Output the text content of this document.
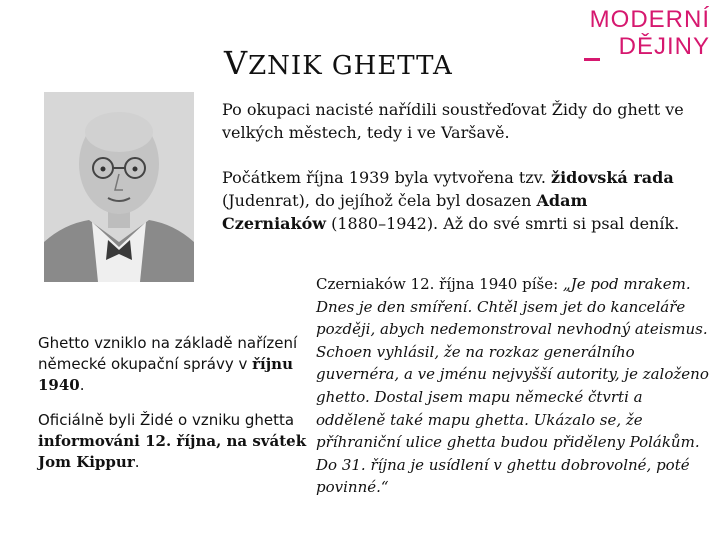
MODERNÍ
DĚJINY
VZNIK GHETTA
Po okupaci nacisté nařídili soustřeďovat Židy do ghett ve velkých městech, tedy i ve Varšavě.
Počátkem října 1939 byla vytvořena tzv. židovská rada (Judenrat), do jejíhož čela byl dosazen Adam Czerniaków (1880–1942). Až do své smrti si psal deník.
Ghetto vzniklo na základě nařízení německé okupační správy v říjnu 1940.
Oficiálně byli Židé o vzniku ghetta informováni 12. října, na svátek Jom Kippur.
Czerniaków 12. října 1940 píše: „Je pod mrakem. Dnes je den smíření. Chtěl jsem jet do kanceláře později, abych nedemonstroval nevhodný ateismus. Schoen vyhlásil, že na rozkaz generálního guvernéra, a ve jménu nejvyšší autority, je založeno ghetto. Dostal jsem mapu německé čtvrti a odděleně také mapu ghetta. Ukázalo se, že příhraniční ulice ghetta budou přiděleny Polákům. Do 31. října je usídlení v ghettu dobrovolné, poté povinné.“
